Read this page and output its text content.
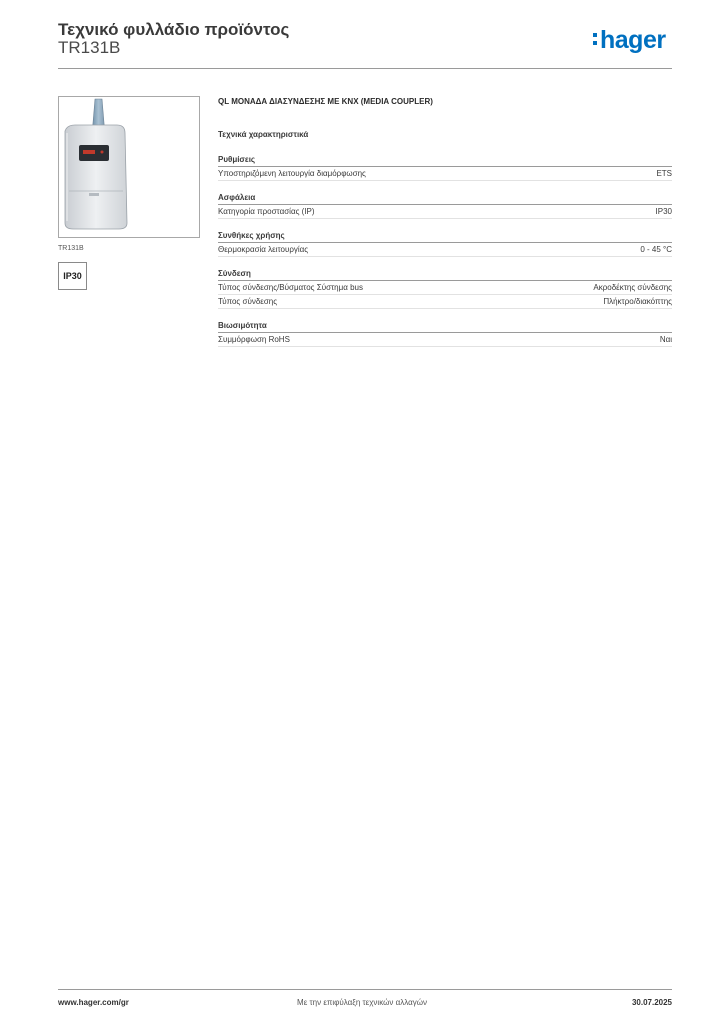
Τεχνικό φυλλάδιο προϊόντος
TR131B	hager
TR131B
IP30
QL ΜΟΝΑΔΑ ΔΙΑΣΥΝΔΕΣΗΣ ΜΕ KNX (MEDIA COUPLER)
Τεχνικά χαρακτηριστικά
Ρυθμίσεις
Υποστηριζόμενη λειτουργία διαμόρφωσης	ETS
Ασφάλεια
Κατηγορία προστασίας (IP)	IP30
Συνθήκες χρήσης
Θερμοκρασία λειτουργίας	0 - 45 °C
Σύνδεση
Τύπος σύνδεσης/Βύσματος Σύστημα bus	Ακροδέκτης σύνδεσης
Τύπος σύνδεσης	Πλήκτρο/διακόπτης
Βιωσιμότητα
Συμμόρφωση RoHS	Ναι
www.hager.com/gr	Με την επιφύλαξη τεχνικών αλλαγών	30.07.2025
